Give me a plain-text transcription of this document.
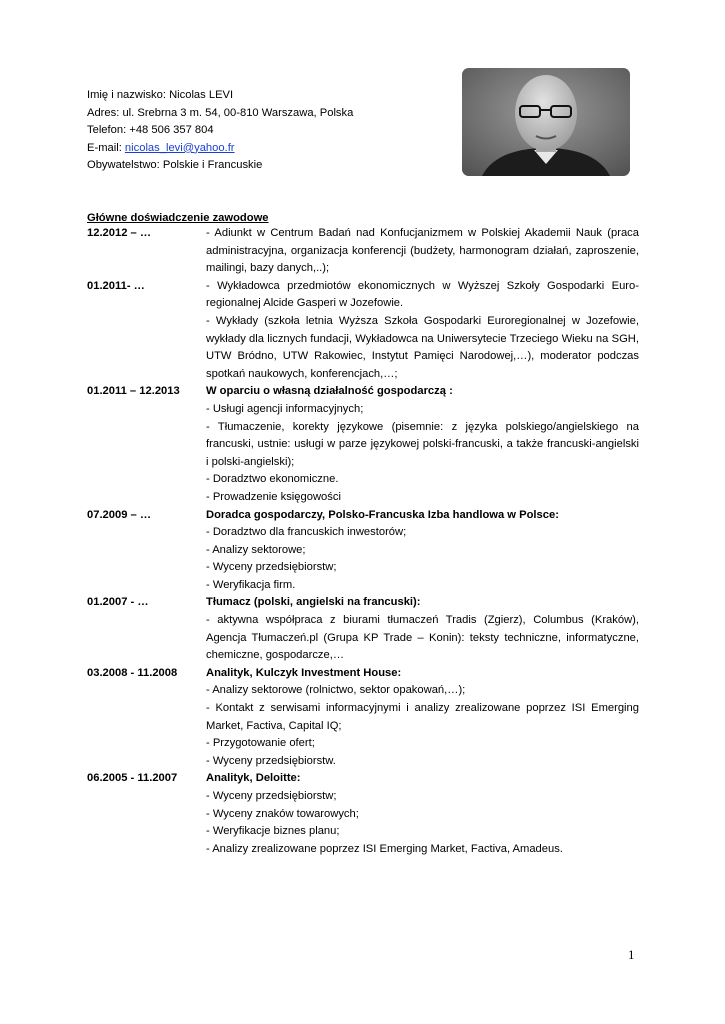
Imię i nazwisko: Nicolas LEVI
Adres: ul. Srebrna 3 m. 54, 00-810 Warszawa, Polska
Telefon: +48 506 357 804
E-mail: nicolas_levi@yahoo.fr
Obywatelstwo: Polskie i Francuskie
Główne doświadczenie zawodowe
12.2012 – …	- Adiunkt w Centrum Badań nad Konfucjanizmem w Polskiej Akademii Nauk (praca administracyjna, organizacja konferencji (budżety, harmonogram działań, zaproszenie, mailingi, bazy danych,..);
01.2011- …	- Wykładowca przedmiotów ekonomicznych w Wyższej Szkoły Gospodarki Euro-regionalnej Alcide Gasperi w Jozefowie.
- Wykłady (szkoła letnia Wyższa Szkoła Gospodarki Euroregionalnej w Jozefowie, wykłady dla licznych fundacji, Wykładowca na Uniwersytecie Trzeciego Wieku na SGH, UTW Bródno, UTW Rakowiec, Instytut Pamięci Narodowej,…), moderator podczas spotkań naukowych, konferencjach,…;
01.2011 – 12.2013	W oparciu o własną działalność gospodarczą :
- Usługi agencji informacyjnych;
- Tłumaczenie, korekty językowe (pisemnie: z języka polskiego/angielskiego na francuski, ustnie: usługi w parze językowej polski-francuski, a także francuski-angielski i polski-angielski);
- Doradztwo ekonomiczne.
- Prowadzenie księgowości
07.2009 – …	Doradca gospodarczy, Polsko-Francuska Izba handlowa w Polsce:
- Doradztwo dla francuskich inwestorów;
- Analizy sektorowe;
- Wyceny przedsiębiorstw;
- Weryfikacja firm.
01.2007 - …	Tłumacz (polski, angielski na francuski):
- aktywna współpraca z biurami tłumaczeń Tradis (Zgierz), Columbus (Kraków), Agencja Tłumaczeń.pl (Grupa KP Trade – Konin): teksty techniczne, informatyczne, chemiczne, gospodarcze,…
03.2008 - 11.2008	Analityk, Kulczyk Investment House:
- Analizy sektorowe (rolnictwo, sektor opakowań,…);
- Kontakt z serwisami informacyjnymi i analizy zrealizowane poprzez ISI Emerging Market, Factiva, Capital IQ;
- Przygotowanie ofert;
- Wyceny przedsiębiorstw.
06.2005 - 11.2007	Analityk, Deloitte:
- Wyceny przedsiębiorstw;
- Wyceny znaków towarowych;
- Weryfikacje biznes planu;
- Analizy zrealizowane poprzez ISI Emerging Market, Factiva, Amadeus.
1
